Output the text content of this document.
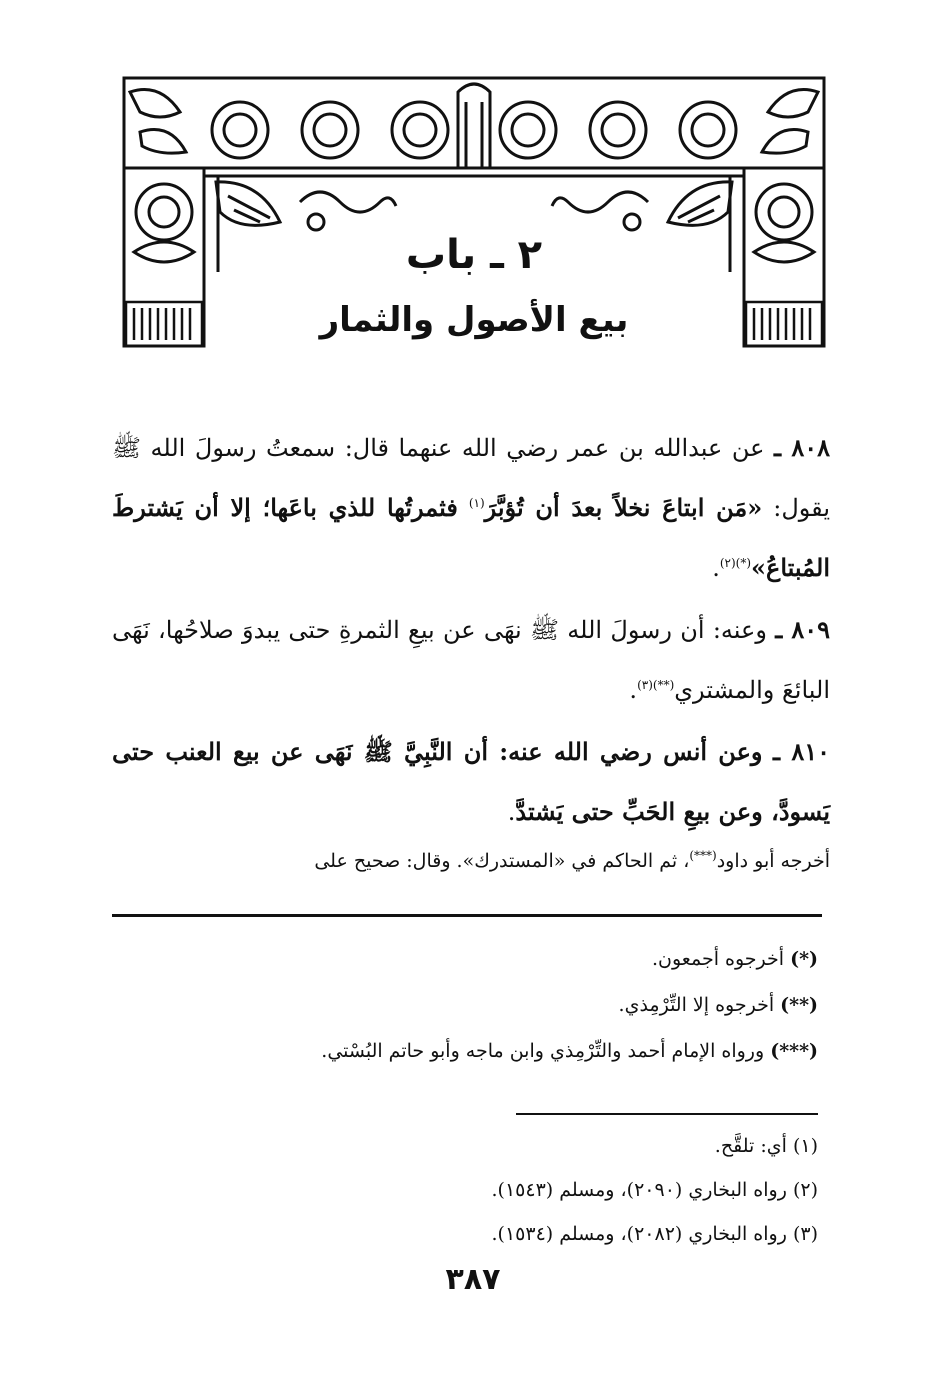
٢ ـ باب
بيع الأصول والثمار
٨٠٨ ـ عن عبدالله بن عمر رضي الله عنهما قال: سمعتُ رسولَ الله ﷺ يقول: «مَن ابتاعَ نخلاً بعدَ أن تُؤبَّرَ$^{(١)}$ فثمرتُها للذي باعَها؛ إلا أن يَشترطَ المُبتاعُ»$^{(*)(٢)}$.
٨٠٩ ـ وعنه: أن رسولَ الله ﷺ نهَى عن بيعِ الثمرةِ حتى يبدوَ صلاحُها، نَهَى البائعَ والمشتري$^{(**)(٣)}$.
٨١٠ ـ وعن أنس رضي الله عنه: أن النَّبِيَّ ﷺ نَهَى عن بيع العنب حتى يَسودَّ، وعن بيعِ الحَبِّ حتى يَشتدَّ.
أخرجه أبو داود(***)، ثم الحاكم في «المستدرك». وقال: صحيح على
(*) أخرجوه أجمعون.
(**) أخرجوه إلا التِّرْمِذي.
(***) ورواه الإمام أحمد والتِّرْمِذي وابن ماجه وأبو حاتم البُسْتي.
(١) أي: تلقَّح.
(٢) رواه البخاري (٢٠٩٠)، ومسلم (١٥٤٣).
(٣) رواه البخاري (٢٠٨٢)، ومسلم (١٥٣٤).
٣٨٧
